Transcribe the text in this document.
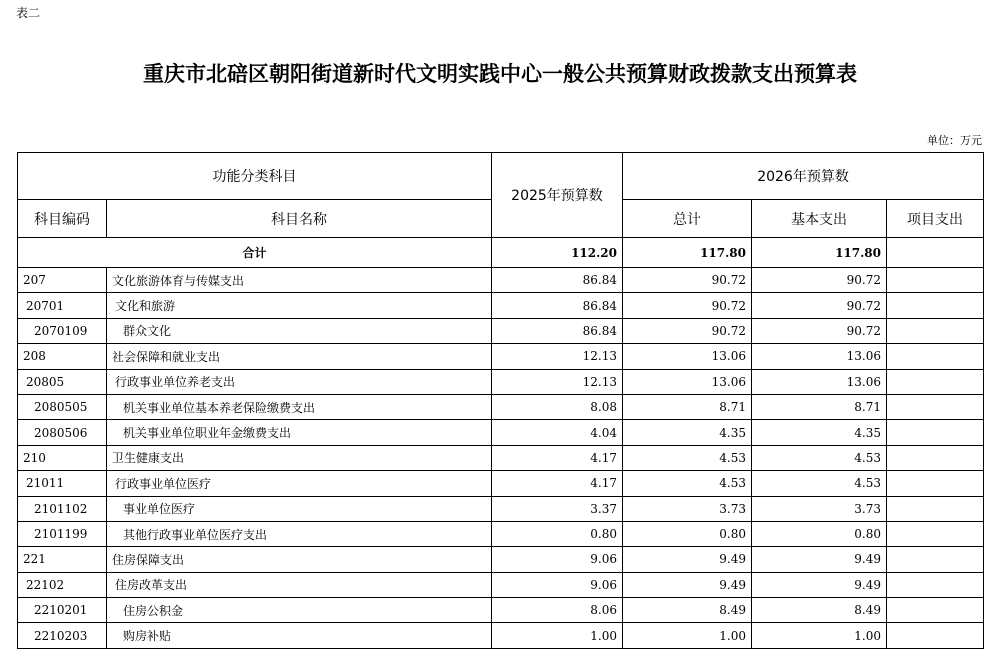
表二
重庆市北碚区朝阳街道新时代文明实践中心一般公共预算财政拨款支出预算表
单位：万元
功能分类科目		2025年预算数	2026年预算数		
科目编码	科目名称		总计	基本支出	项目支出
合计		112.20	117.80	117.80	
207	文化旅游体育与传媒支出	86.84	90.72	90.72	
20701	文化和旅游	86.84	90.72	90.72	
2070109	群众文化	86.84	90.72	90.72	
208	社会保障和就业支出	12.13	13.06	13.06	
20805	行政事业单位养老支出	12.13	13.06	13.06	
2080505	机关事业单位基本养老保险缴费支出	8.08	8.71	8.71	
2080506	机关事业单位职业年金缴费支出	4.04	4.35	4.35	
210	卫生健康支出	4.17	4.53	4.53	
21011	行政事业单位医疗	4.17	4.53	4.53	
2101102	事业单位医疗	3.37	3.73	3.73	
2101199	其他行政事业单位医疗支出	0.80	0.80	0.80	
221	住房保障支出	9.06	9.49	9.49	
22102	住房改革支出	9.06	9.49	9.49	
2210201	住房公积金	8.06	8.49	8.49	
2210203	购房补贴	1.00	1.00	1.00	
